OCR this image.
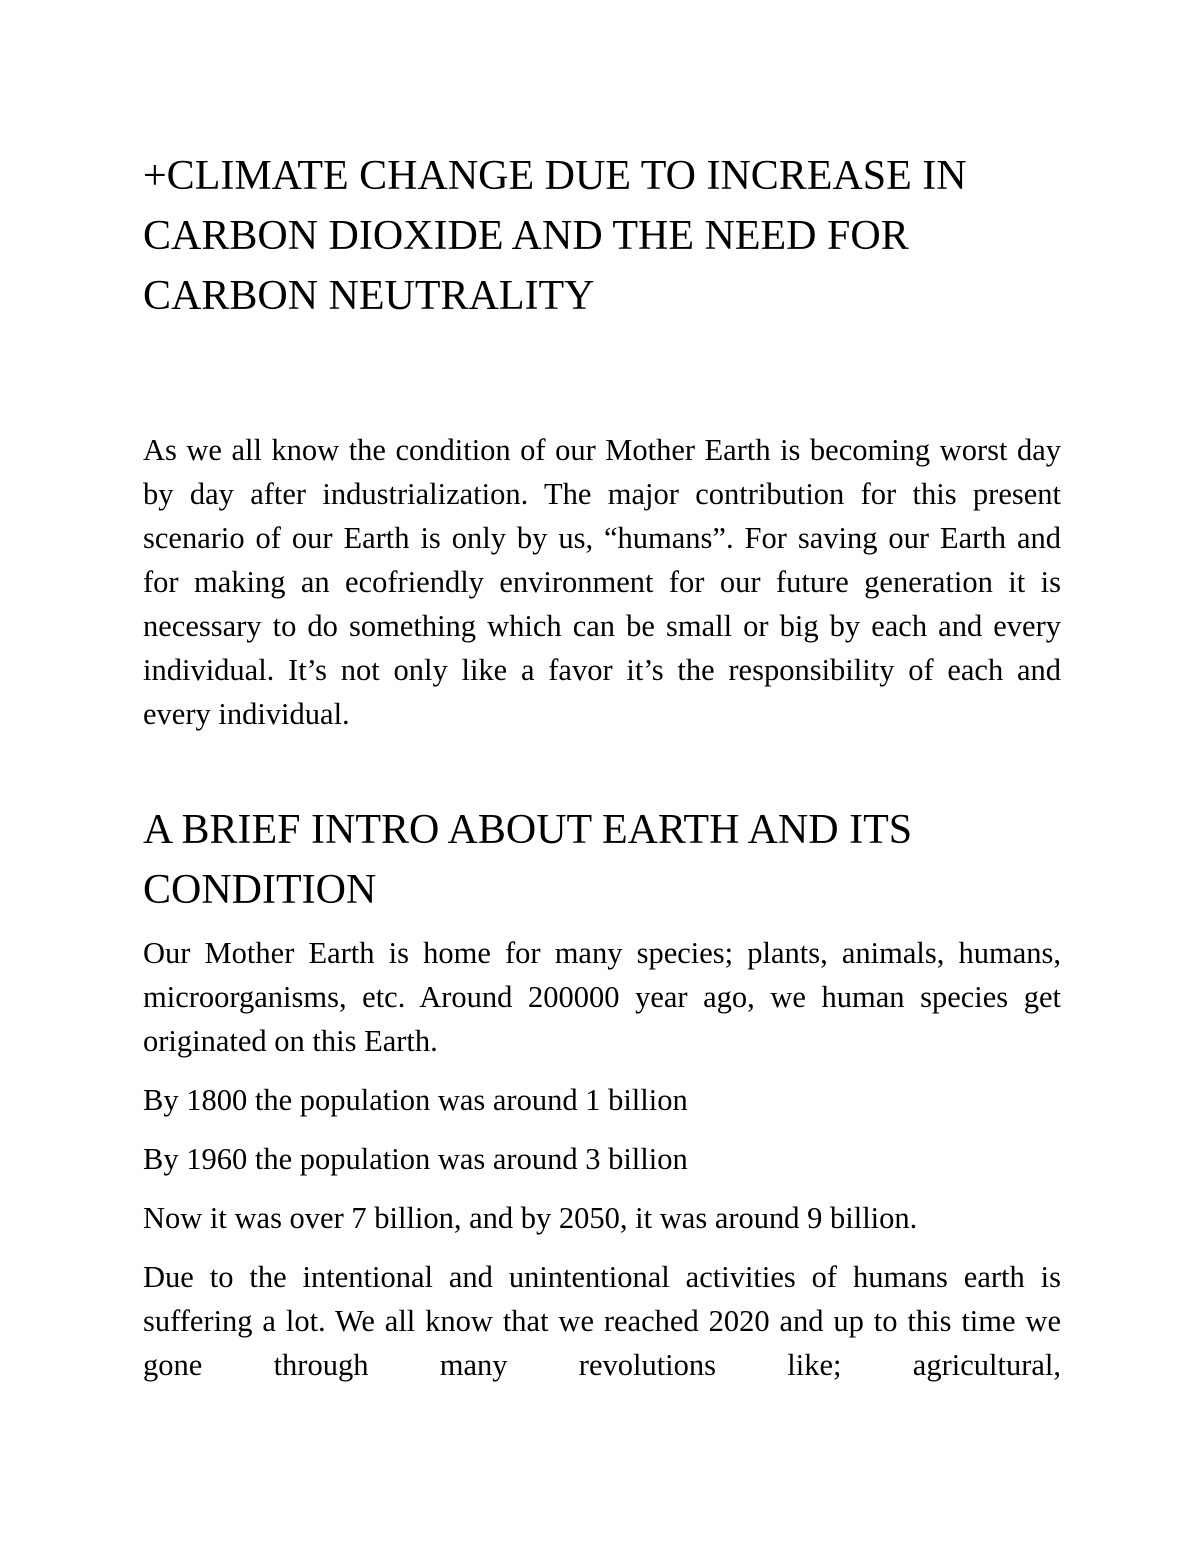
+CLIMATE CHANGE DUE TO INCREASE IN CARBON DIOXIDE AND THE NEED FOR CARBON NEUTRALITY

As we all know the condition of our Mother Earth is becoming worst day by day after industrialization. The major contribution for this present scenario of our Earth is only by us, “humans”. For saving our Earth and for making an ecofriendly environment for our future generation it is necessary to do something which can be small or big by each and every individual. It’s not only like a favor it’s the responsibility of each and every individual.

A BRIEF INTRO ABOUT EARTH AND ITS CONDITION

Our Mother Earth is home for many species; plants, animals, humans, microorganisms, etc. Around 200000 year ago, we human species get originated on this Earth.

By 1800 the population was around 1 billion

By 1960 the population was around 3 billion

Now it was over 7 billion, and by 2050, it was around 9 billion.

Due to the intentional and unintentional activities of humans earth is suffering a lot. We all know that we reached 2020 and up to this time we gone through many revolutions like; agricultural,
